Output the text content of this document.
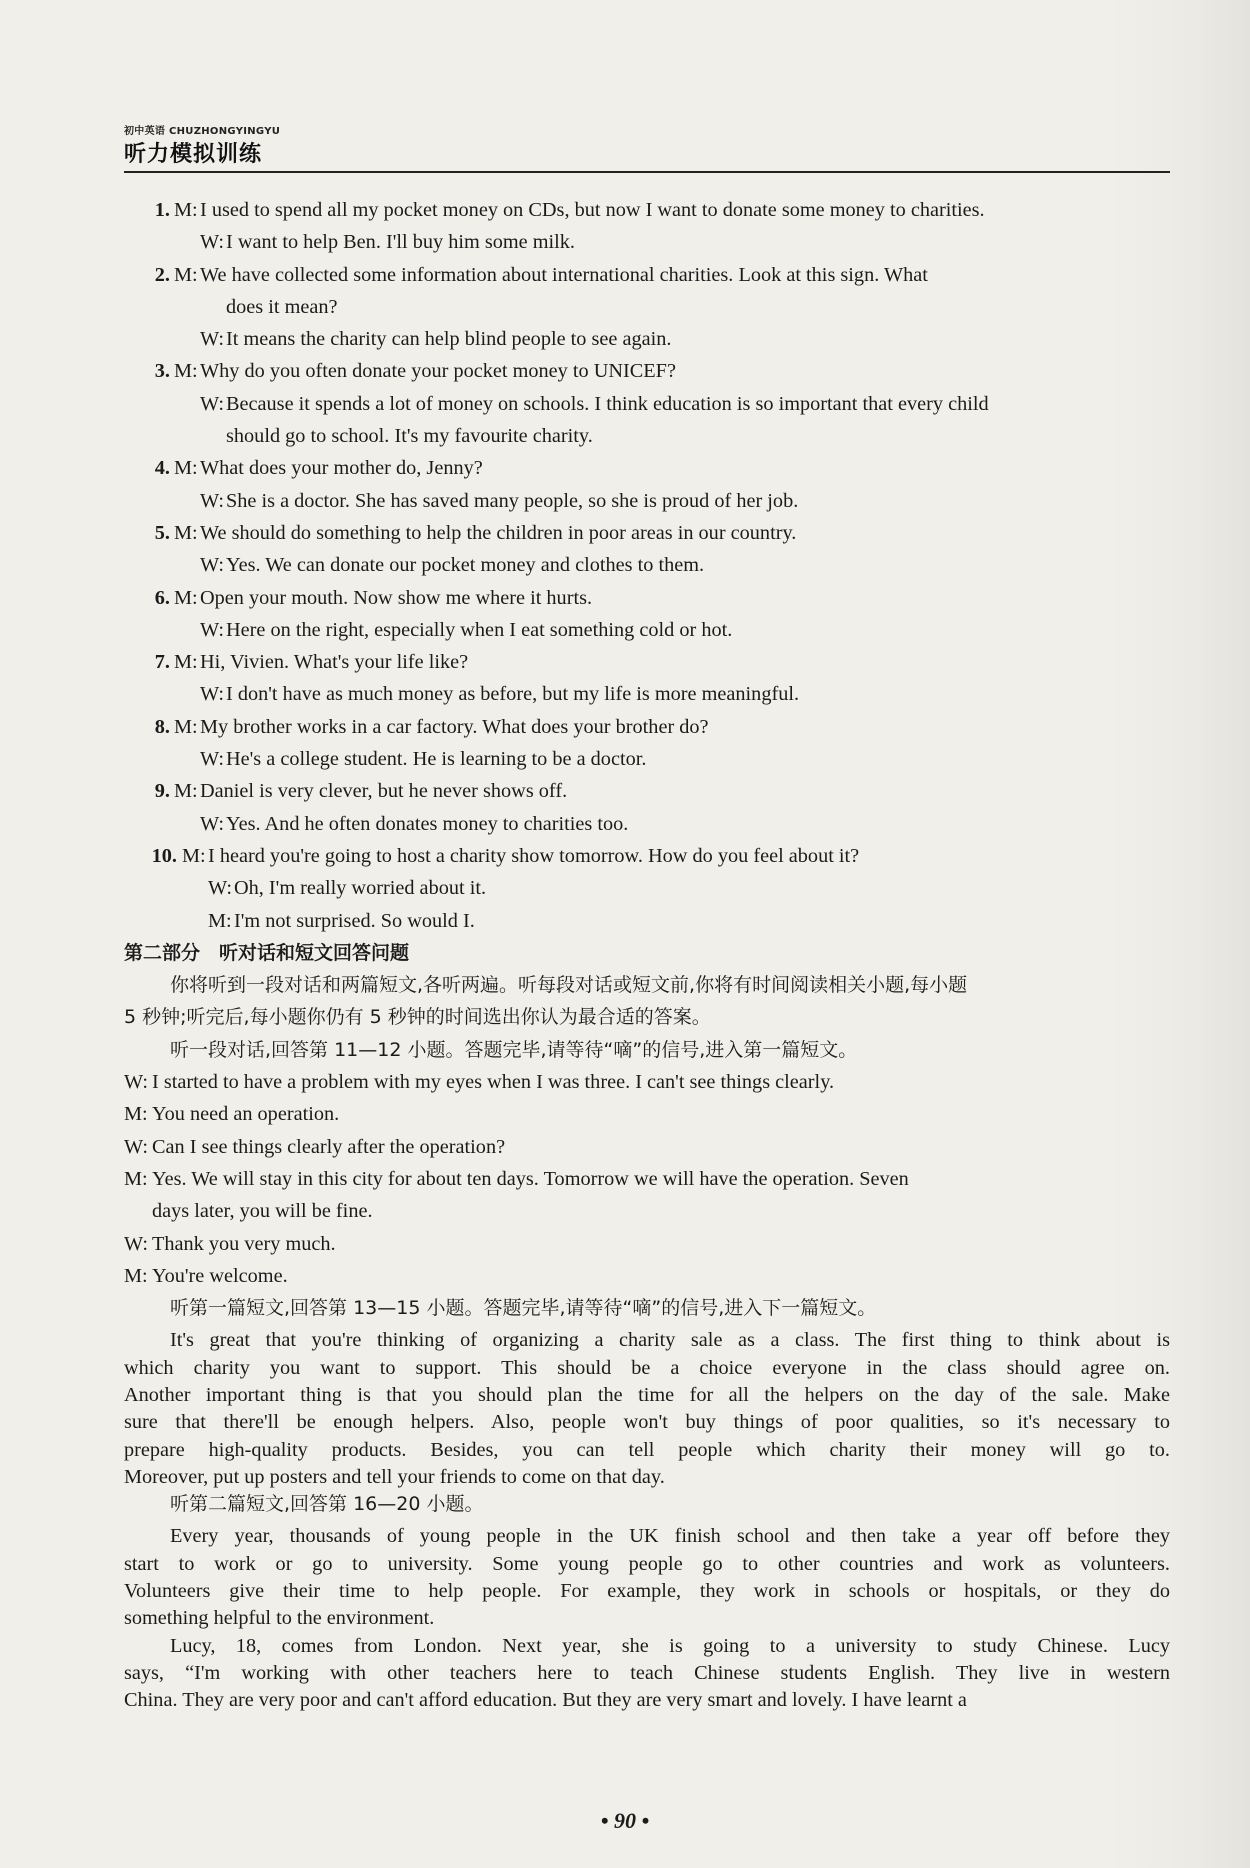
初中英语 CHUZHONGYINGYU
听力模拟训练
1. M: I used to spend all my pocket money on CDs, but now I want to donate some money to charities.
W: I want to help Ben. I'll buy him some milk.
2. M: We have collected some information about international charities. Look at this sign. What
does it mean?
W: It means the charity can help blind people to see again.
3. M: Why do you often donate your pocket money to UNICEF?
W: Because it spends a lot of money on schools. I think education is so important that every child
should go to school. It's my favourite charity.
4. M: What does your mother do, Jenny?
W: She is a doctor. She has saved many people, so she is proud of her job.
5. M: We should do something to help the children in poor areas in our country.
W: Yes. We can donate our pocket money and clothes to them.
6. M: Open your mouth. Now show me where it hurts.
W: Here on the right, especially when I eat something cold or hot.
7. M: Hi, Vivien. What's your life like?
W: I don't have as much money as before, but my life is more meaningful.
8. M: My brother works in a car factory. What does your brother do?
W: He's a college student. He is learning to be a doctor.
9. M: Daniel is very clever, but he never shows off.
W: Yes. And he often donates money to charities too.
10. M: I heard you're going to host a charity show tomorrow. How do you feel about it?
W: Oh, I'm really worried about it.
M: I'm not surprised. So would I.
第二部分　听对话和短文回答问题
你将听到一段对话和两篇短文,各听两遍。听每段对话或短文前,你将有时间阅读相关小题,每小题
5 秒钟;听完后,每小题你仍有 5 秒钟的时间选出你认为最合适的答案。
听一段对话,回答第 11—12 小题。答题完毕,请等待“嘀”的信号,进入第一篇短文。
W: I started to have a problem with my eyes when I was three. I can't see things clearly.
M: You need an operation.
W: Can I see things clearly after the operation?
M: Yes. We will stay in this city for about ten days. Tomorrow we will have the operation. Seven
days later, you will be fine.
W: Thank you very much.
M: You're welcome.
听第一篇短文,回答第 13—15 小题。答题完毕,请等待“嘀”的信号,进入下一篇短文。
It's great that you're thinking of organizing a charity sale as a class. The first thing to think about is
which charity you want to support. This should be a choice everyone in the class should agree on.
Another important thing is that you should plan the time for all the helpers on the day of the sale. Make
sure that there'll be enough helpers. Also, people won't buy things of poor qualities, so it's necessary to
prepare high-quality products. Besides, you can tell people which charity their money will go to.
Moreover, put up posters and tell your friends to come on that day.
听第二篇短文,回答第 16—20 小题。
Every year, thousands of young people in the UK finish school and then take a year off before they
start to work or go to university. Some young people go to other countries and work as volunteers.
Volunteers give their time to help people. For example, they work in schools or hospitals, or they do
something helpful to the environment.
Lucy, 18, comes from London. Next year, she is going to a university to study Chinese. Lucy
says, “I'm working with other teachers here to teach Chinese students English. They live in western
China. They are very poor and can't afford education. But they are very smart and lovely. I have learnt a
• 90 •
